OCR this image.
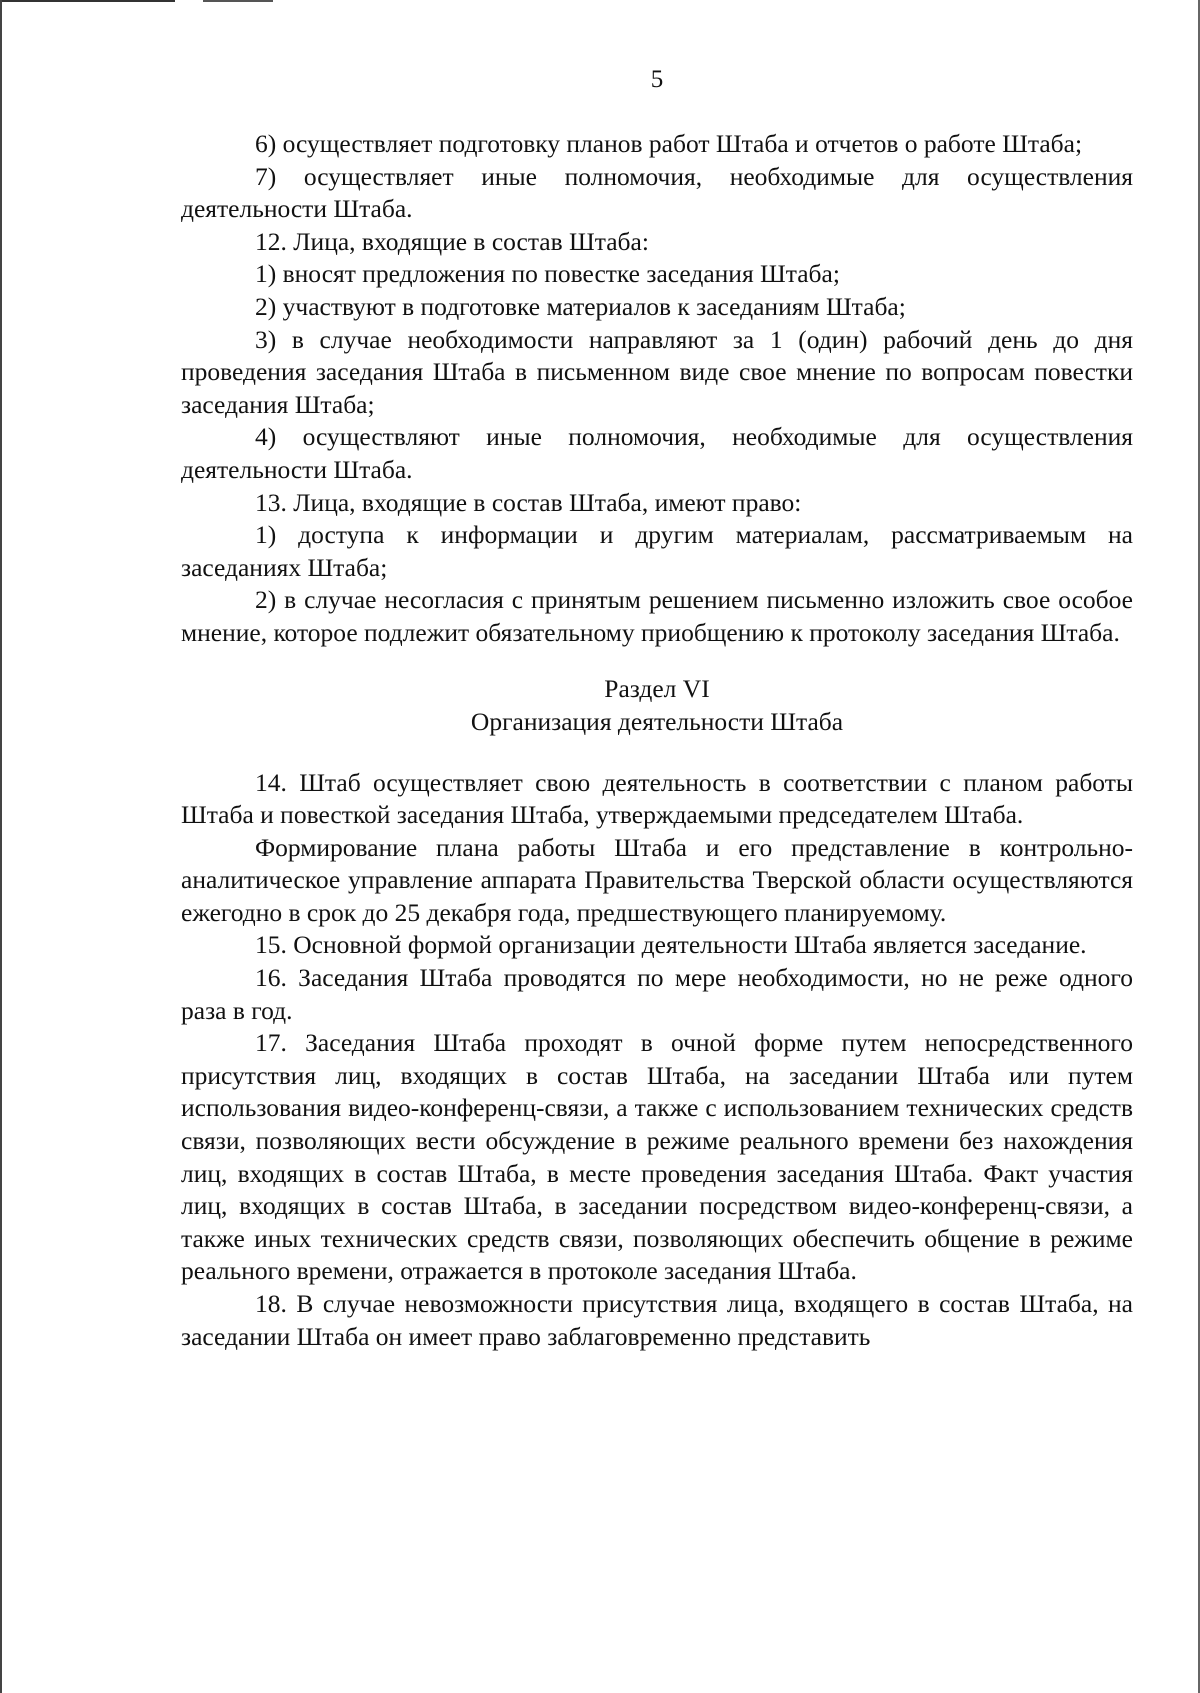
5

6) осуществляет подготовку планов работ Штаба и отчетов о работе Штаба;

7) осуществляет иные полномочия, необходимые для осуществления деятельности Штаба.

12. Лица, входящие в состав Штаба:

1) вносят предложения по повестке заседания Штаба;

2) участвуют в подготовке материалов к заседаниям Штаба;

3) в случае необходимости направляют за 1 (один) рабочий день до дня проведения заседания Штаба в письменном виде свое мнение по вопросам повестки заседания Штаба;

4) осуществляют иные полномочия, необходимые для осуществления деятельности Штаба.

13. Лица, входящие в состав Штаба, имеют право:

1) доступа к информации и другим материалам, рассматриваемым на заседаниях Штаба;

2) в случае несогласия с принятым решением письменно изложить свое особое мнение, которое подлежит обязательному приобщению к протоколу заседания Штаба.

Раздел VI

Организация деятельности Штаба

14. Штаб осуществляет свою деятельность в соответствии с планом работы Штаба и повесткой заседания Штаба, утверждаемыми председателем Штаба.

Формирование плана работы Штаба и его представление в контрольно-аналитическое управление аппарата Правительства Тверской области осуществляются ежегодно в срок до 25 декабря года, предшествующего планируемому.

15. Основной формой организации деятельности Штаба является заседание.

16. Заседания Штаба проводятся по мере необходимости, но не реже одного раза в год.

17. Заседания Штаба проходят в очной форме путем непосредственного присутствия лиц, входящих в состав Штаба, на заседании Штаба или путем использования видео-конференц-связи, а также с использованием технических средств связи, позволяющих вести обсуждение в режиме реального времени без нахождения лиц, входящих в состав Штаба, в месте проведения заседания Штаба. Факт участия лиц, входящих в состав Штаба, в заседании посредством видео-конференц-связи, а также иных технических средств связи, позволяющих обеспечить общение в режиме реального времени, отражается в протоколе заседания Штаба.

18. В случае невозможности присутствия лица, входящего в состав Штаба, на заседании Штаба он имеет право заблаговременно представить
